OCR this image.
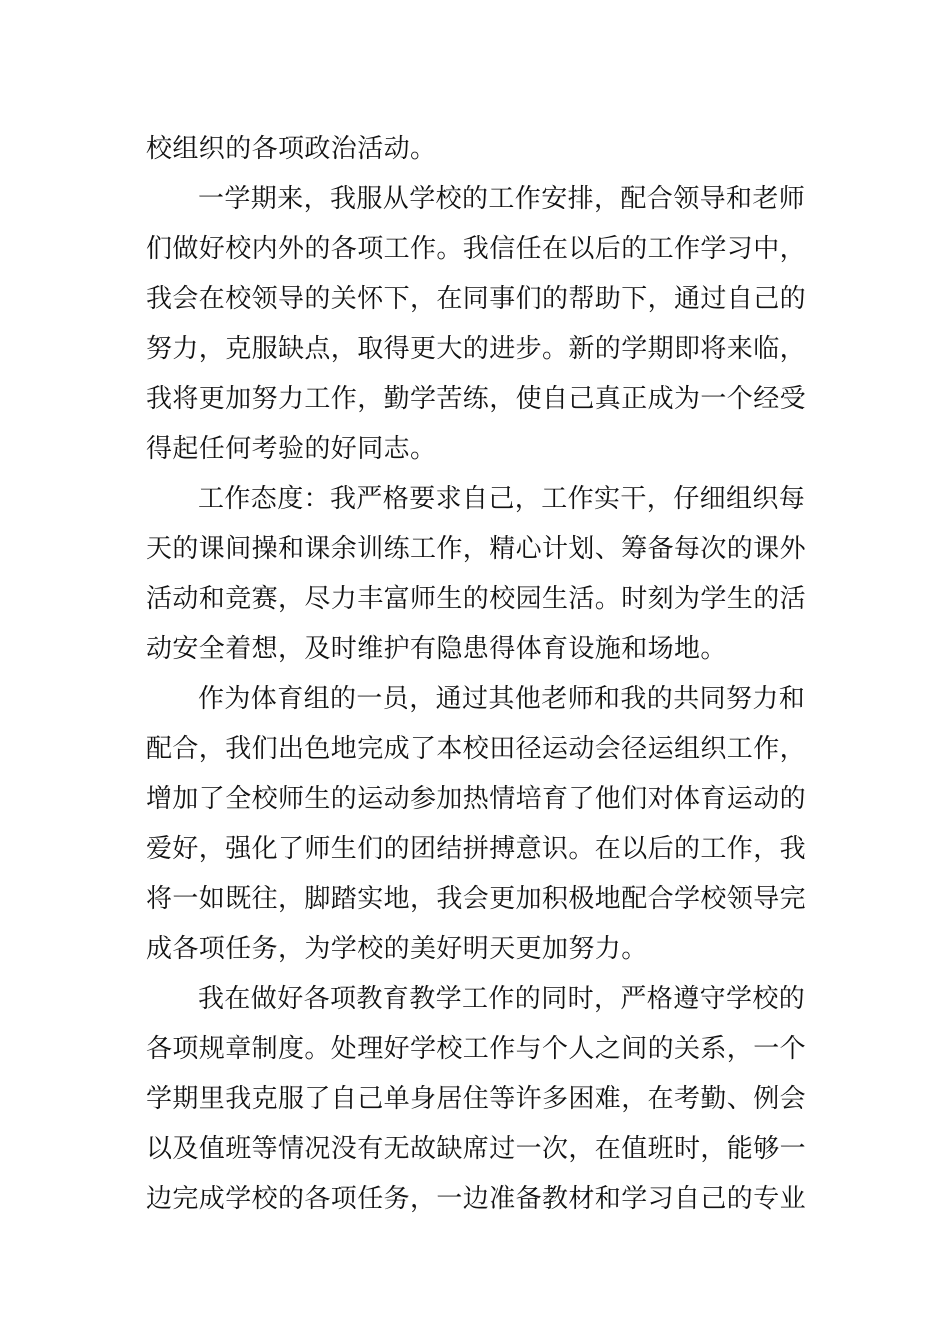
校组织的各项政治活动。
一学期来，我服从学校的工作安排，配合领导和老师
们做好校内外的各项工作。我信任在以后的工作学习中，
我会在校领导的关怀下，在同事们的帮助下，通过自己的
努力，克服缺点，取得更大的进步。新的学期即将来临，
我将更加努力工作，勤学苦练，使自己真正成为一个经受
得起任何考验的好同志。
工作态度：我严格要求自己，工作实干，仔细组织每
天的课间操和课余训练工作，精心计划、筹备每次的课外
活动和竞赛，尽力丰富师生的校园生活。时刻为学生的活
动安全着想，及时维护有隐患得体育设施和场地。
作为体育组的一员，通过其他老师和我的共同努力和
配合，我们出色地完成了本校田径运动会径运组织工作，
增加了全校师生的运动参加热情培育了他们对体育运动的
爱好，强化了师生们的团结拼搏意识。在以后的工作，我
将一如既往，脚踏实地，我会更加积极地配合学校领导完
成各项任务，为学校的美好明天更加努力。
我在做好各项教育教学工作的同时，严格遵守学校的
各项规章制度。处理好学校工作与个人之间的关系，一个
学期里我克服了自己单身居住等许多困难，在考勤、例会
以及值班等情况没有无故缺席过一次，在值班时，能够一
边完成学校的各项任务，一边准备教材和学习自己的专业
